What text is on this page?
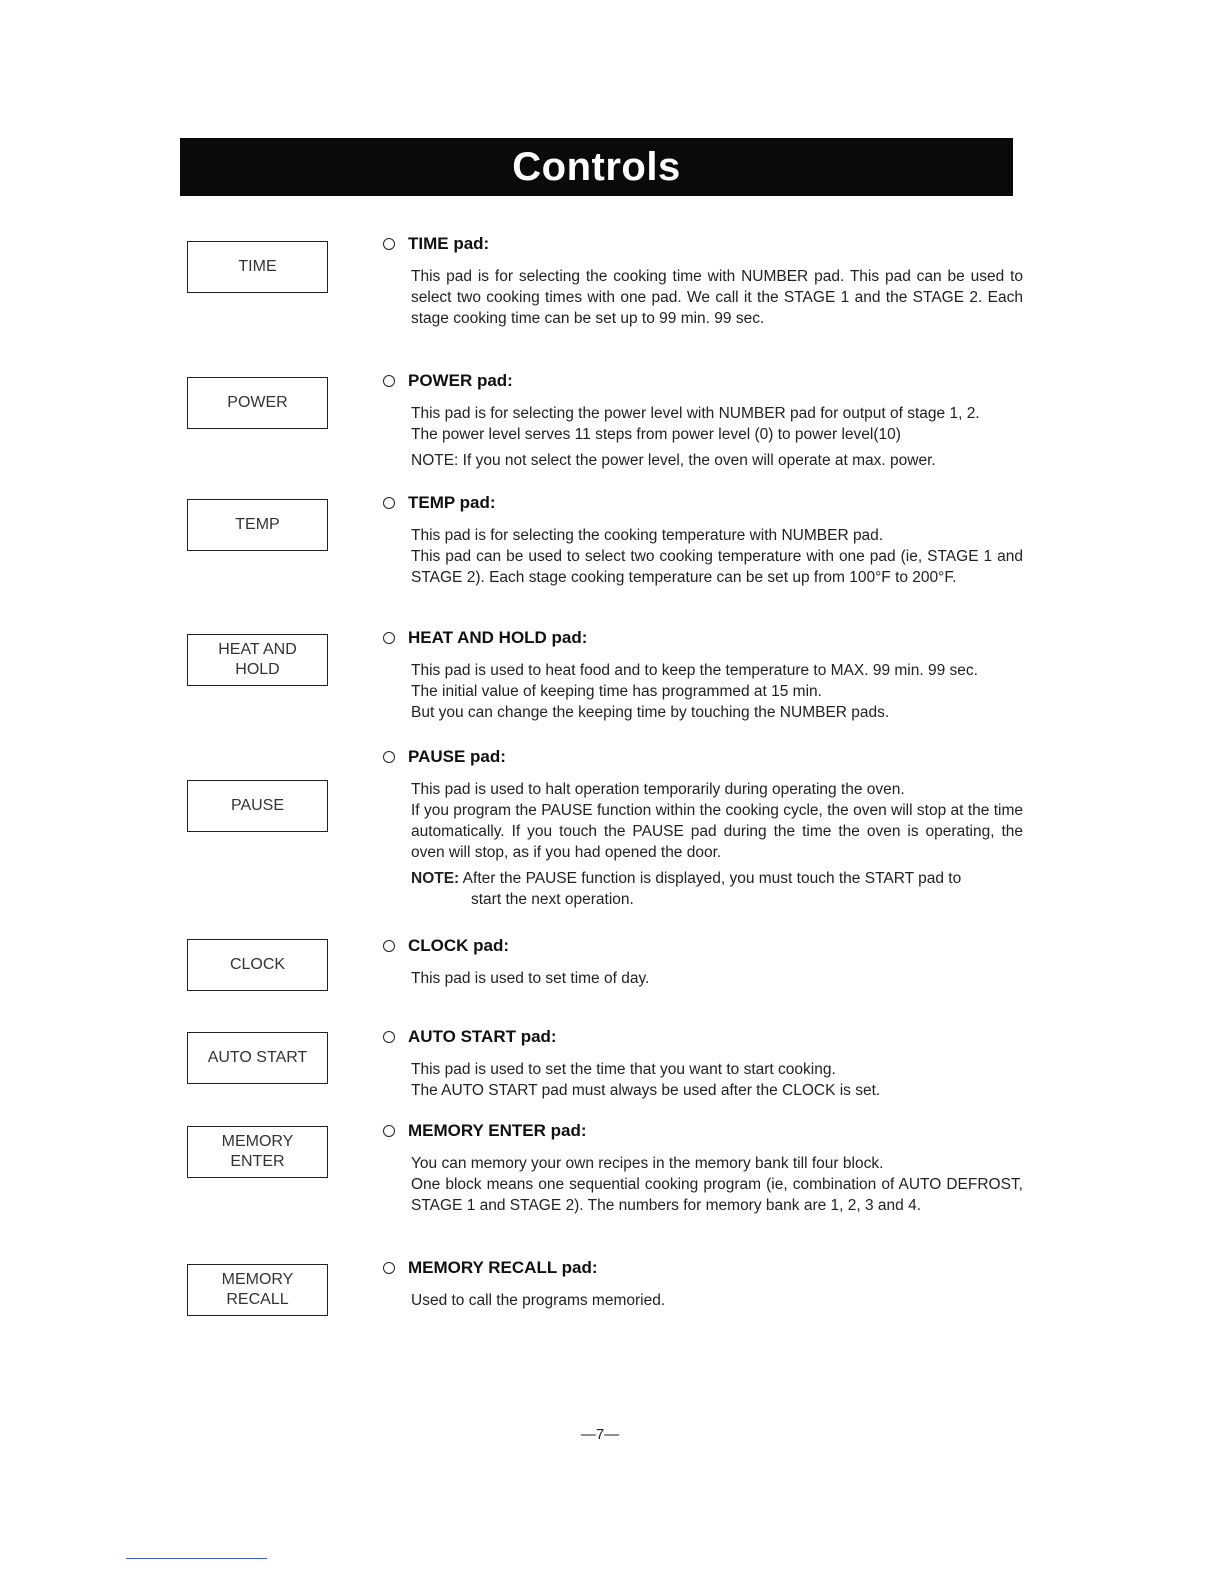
Controls
TIME
POWER
TEMP
HEAT AND
HOLD
PAUSE
CLOCK
AUTO START
MEMORY
ENTER
MEMORY
RECALL
TIME pad:

This pad is for selecting the cooking time with NUMBER pad. This pad can be used to select two cooking times with one pad. We call it the STAGE 1 and the STAGE 2. Each stage cooking time can be set up to 99 min. 99 sec.

POWER pad:

This pad is for selecting the power level with NUMBER pad for output of stage 1, 2.

The power level serves 11 steps from power level (0) to power level(10)

NOTE: If you not select the power level, the oven will operate at max. power.

TEMP pad:

This pad is for selecting the cooking temperature with NUMBER pad.

This pad can be used to select two cooking temperature with one pad (ie, STAGE 1 and STAGE 2). Each stage cooking temperature can be set up from 100°F to 200°F.

HEAT AND HOLD pad:

This pad is used to heat food and to keep the temperature to MAX. 99 min. 99 sec.

The initial value of keeping time has programmed at 15 min.

But you can change the keeping time by touching the NUMBER pads.

PAUSE pad:

This pad is used to halt operation temporarily during operating the oven.

If you program the PAUSE function within the cooking cycle, the oven will stop at the time automatically. If you touch the PAUSE pad during the time the oven is operating, the oven will stop, as if you had opened the door.

NOTE: After the PAUSE function is displayed, you must touch the START pad to

start the next operation.

CLOCK pad:

This pad is used to set time of day.

AUTO START pad:

This pad is used to set the time that you want to start cooking.

The AUTO START pad must always be used after the CLOCK is set.

MEMORY ENTER pad:

You can memory your own recipes in the memory bank till four block.

One block means one sequential cooking program (ie, combination of AUTO DEFROST, STAGE 1 and STAGE 2). The numbers for memory bank are 1, 2, 3 and 4.

MEMORY RECALL pad:

Used to call the programs memoried.

—7—
